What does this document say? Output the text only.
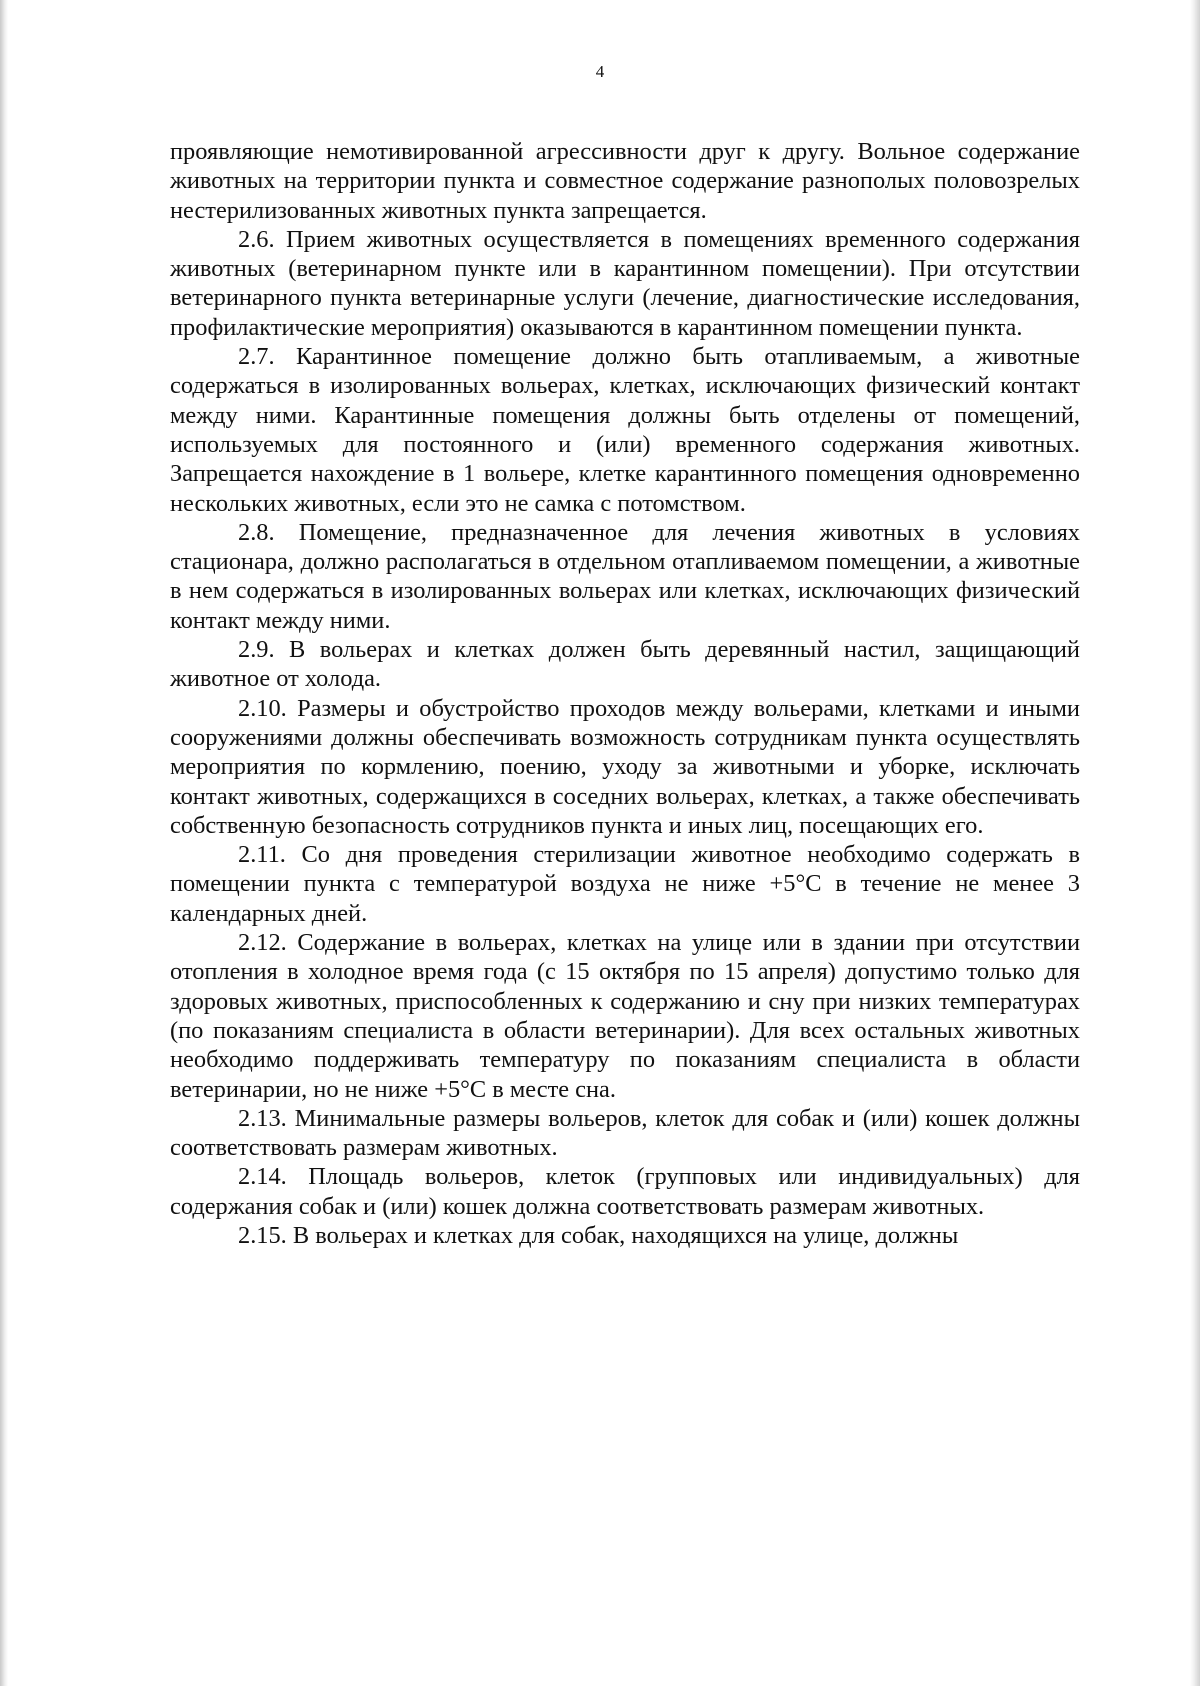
4

проявляющие немотивированной агрессивности друг к другу. Вольное содержание животных на территории пункта и совместное содержание разнополых половозрелых нестерилизованных животных пункта запрещается.

2.6. Прием животных осуществляется в помещениях временного содержания животных (ветеринарном пункте или в карантинном помещении). При отсутствии ветеринарного пункта ветеринарные услуги (лечение, диагностические исследования, профилактические мероприятия) оказываются в карантинном помещении пункта.

2.7. Карантинное помещение должно быть отапливаемым, а животные содержаться в изолированных вольерах, клетках, исключающих физический контакт между ними. Карантинные помещения должны быть отделены от помещений, используемых для постоянного и (или) временного содержания животных. Запрещается нахождение в 1 вольере, клетке карантинного помещения одновременно нескольких животных, если это не самка с потомством.

2.8. Помещение, предназначенное для лечения животных в условиях стационара, должно располагаться в отдельном отапливаемом помещении, а животные в нем содержаться в изолированных вольерах или клетках, исключающих физический контакт между ними.

2.9. В вольерах и клетках должен быть деревянный настил, защищающий животное от холода.

2.10. Размеры и обустройство проходов между вольерами, клетками и иными сооружениями должны обеспечивать возможность сотрудникам пункта осуществлять мероприятия по кормлению, поению, уходу за животными и уборке, исключать контакт животных, содержащихся в соседних вольерах, клетках, а также обеспечивать собственную безопасность сотрудников пункта и иных лиц, посещающих его.

2.11. Со дня проведения стерилизации животное необходимо содержать в помещении пункта с температурой воздуха не ниже +5°С в течение не менее 3 календарных дней.

2.12. Содержание в вольерах, клетках на улице или в здании при отсутствии отопления в холодное время года (с 15 октября по 15 апреля) допустимо только для здоровых животных, приспособленных к содержанию и сну при низких температурах (по показаниям специалиста в области ветеринарии). Для всех остальных животных необходимо поддерживать температуру по показаниям специалиста в области ветеринарии, но не ниже +5°С в месте сна.

2.13. Минимальные размеры вольеров, клеток для собак и (или) кошек должны соответствовать размерам животных.

2.14. Площадь вольеров, клеток (групповых или индивидуальных) для содержания собак и (или) кошек должна соответствовать размерам животных.

2.15. В вольерах и клетках для собак, находящихся на улице, должны
